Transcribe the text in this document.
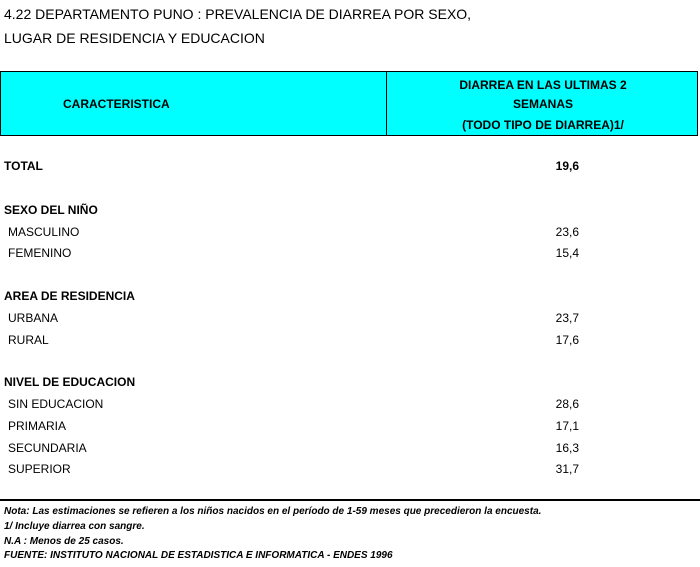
4.22 DEPARTAMENTO PUNO : PREVALENCIA DE DIARREA POR SEXO,
LUGAR DE RESIDENCIA Y EDUCACION
CARACTERISTICA
DIARREA EN LAS ULTIMAS 2
SEMANAS
(TODO TIPO DE DIARREA)1/
TOTAL	19,6
SEXO DEL NIÑO
MASCULINO	23,6
FEMENINO	15,4
AREA DE RESIDENCIA
URBANA	23,7
RURAL	17,6
NIVEL DE EDUCACION
SIN EDUCACION	28,6
PRIMARIA	17,1
SECUNDARIA	16,3
SUPERIOR	31,7
Nota: Las estimaciones se refieren a los niños nacidos en el período de 1-59 meses que precedieron la encuesta.
1/ Incluye diarrea con sangre.
N.A : Menos de 25 casos.
FUENTE: INSTITUTO NACIONAL DE ESTADISTICA E INFORMATICA - ENDES 1996
